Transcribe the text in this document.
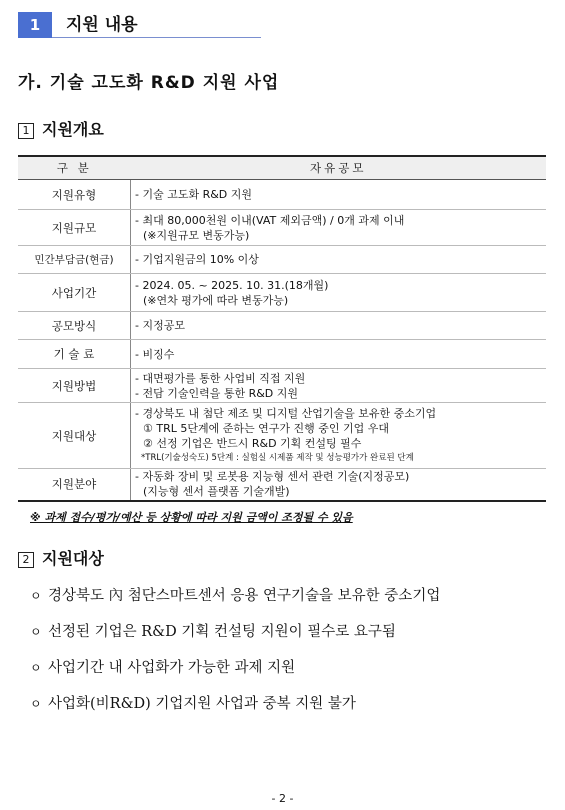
1	지원 내용
가. 기술 고도화 R&D 지원 사업
1 지원개요
구 분	자유공모
지원유형	- 기술 고도화 R&D 지원

지원규모	- 최대 80,000천원 이내(VAT 제외금액) / 0개 과제 이내
(※지원규모 변동가능)

민간부담금(현금)	- 기업지원금의 10% 이상

사업기간	- 2024. 05. ~ 2025. 10. 31.(18개월)
(※연차 평가에 따라 변동가능)

공모방식	- 지정공모

기 술 료	- 비징수

지원방법	- 대면평가를 통한 사업비 직접 지원
- 전담 기술인력을 통한 R&D 지원

지원대상	- 경상북도 내 첨단 제조 및 디지털 산업기술을 보유한 중소기업
① TRL 5단계에 준하는 연구가 진행 중인 기업 우대
② 선정 기업은 반드시 R&D 기획 컨설팅 필수
*TRL(기술성숙도) 5단계 : 실험실 시제품 제작 및 성능평가가 완료된 단계

지원분야	- 자동화 장비 및 로봇용 지능형 센서 관련 기술(지정공모)
(지능형 센서 플랫폼 기술개발)
※ 과제 접수/평가/예산 등 상황에 따라 지원 금액이 조정될 수 있음
2 지원대상
ㅇ 경상북도 內 첨단스마트센서 응용 연구기술을 보유한 중소기업
ㅇ 선정된 기업은 R&D 기획 컨설팅 지원이 필수로 요구됨
ㅇ 사업기간 내 사업화가 가능한 과제 지원
ㅇ 사업화(비R&D) 기업지원 사업과 중복 지원 불가
- 2 -
